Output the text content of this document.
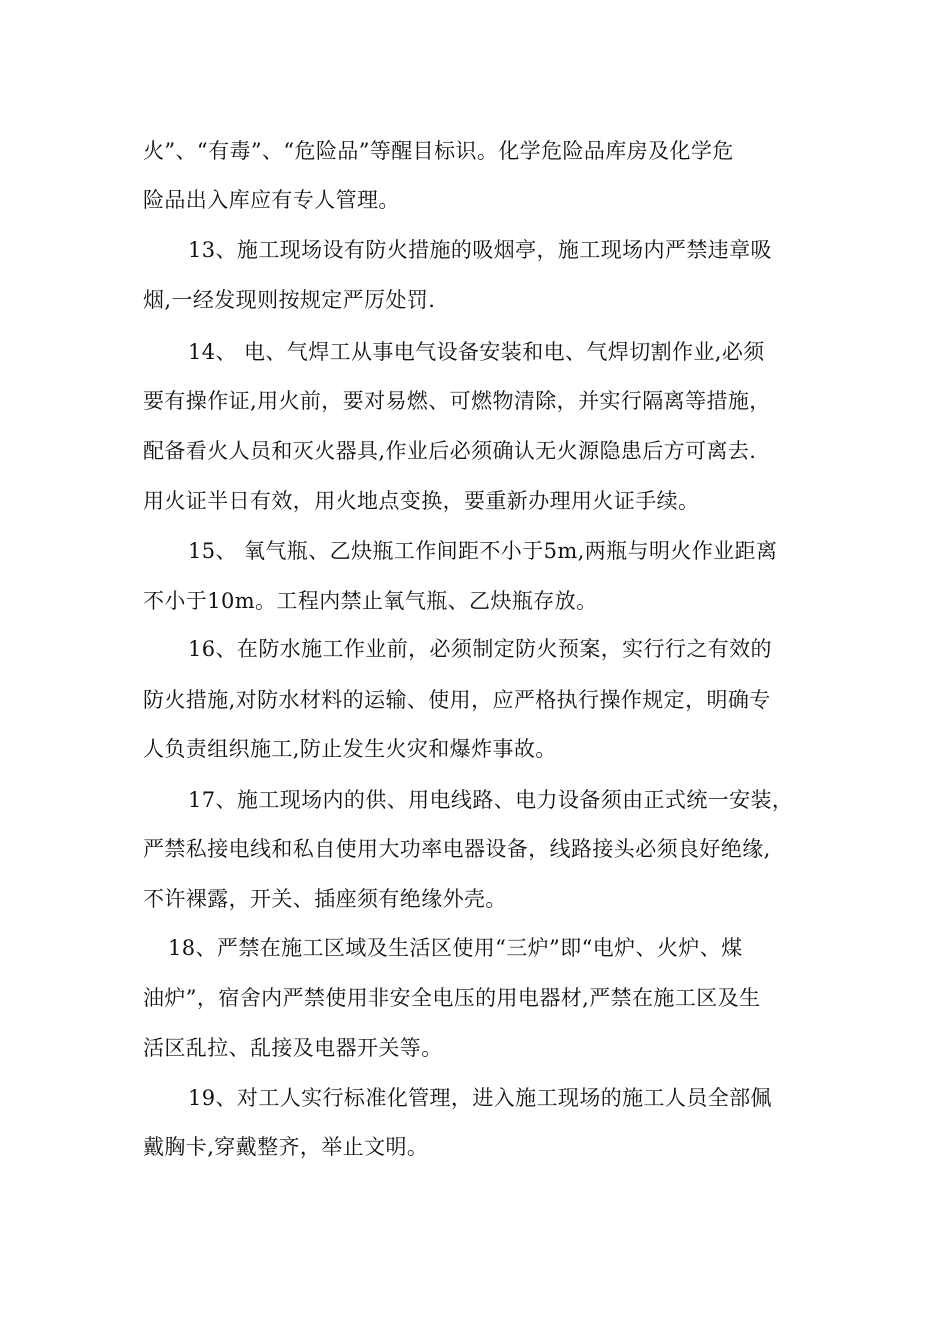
火”、“有毒”、“危险品”等醒目标识。化学危险品库房及化学危
险品出入库应有专人管理。
13、施工现场设有防火措施的吸烟亭，施工现场内严禁违章吸
烟,一经发现则按规定严厉处罚.
14、 电、气焊工从事电气设备安装和电、气焊切割作业,必须
要有操作证,用火前，要对易燃、可燃物清除，并实行隔离等措施，
配备看火人员和灭火器具,作业后必须确认无火源隐患后方可离去.
用火证半日有效，用火地点变换，要重新办理用火证手续。
15、 氧气瓶、乙炔瓶工作间距不小于5m,两瓶与明火作业距离
不小于10m。工程内禁止氧气瓶、乙炔瓶存放。
16、在防水施工作业前，必须制定防火预案，实行行之有效的
防火措施,对防水材料的运输、使用，应严格执行操作规定，明确专
人负责组织施工,防止发生火灾和爆炸事故。
17、施工现场内的供、用电线路、电力设备须由正式统一安装，
严禁私接电线和私自使用大功率电器设备，线路接头必须良好绝缘,
不许裸露，开关、插座须有绝缘外壳。
18、严禁在施工区域及生活区使用“三炉”即“电炉、火炉、煤
油炉”，宿舍内严禁使用非安全电压的用电器材,严禁在施工区及生
活区乱拉、乱接及电器开关等。
19、对工人实行标准化管理，进入施工现场的施工人员全部佩
戴胸卡,穿戴整齐，举止文明。
